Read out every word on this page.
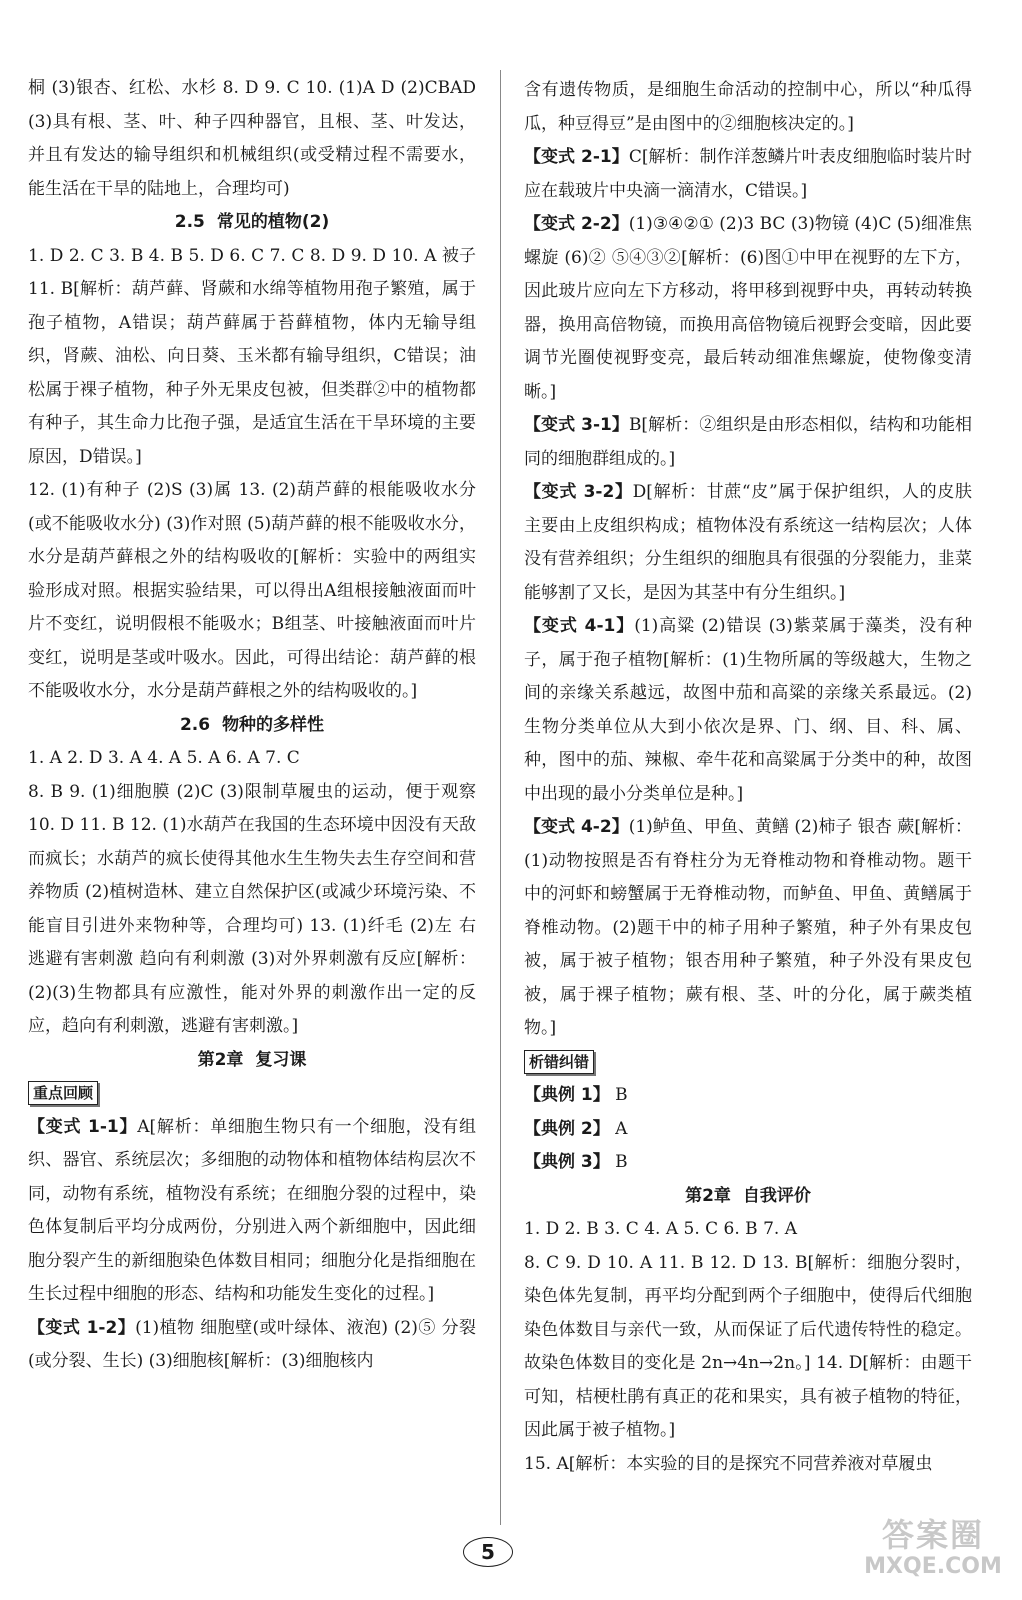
桐 (3)银杏、红松、水杉 8. D 9. C 10. (1)A D (2)CBAD (3)具有根、茎、叶、种子四种器官，且根、茎、叶发达，并且有发达的输导组织和机械组织(或受精过程不需要水，能生活在干旱的陆地上，合理均可)

2.5 常见的植物(2)

1. D 2. C 3. B 4. B 5. D 6. C 7. C 8. D 9. D 10. A 被子 11. B[解析：葫芦藓、肾蕨和水绵等植物用孢子繁殖，属于孢子植物，A错误；葫芦藓属于苔藓植物，体内无输导组织，肾蕨、油松、向日葵、玉米都有输导组织，C错误；油松属于裸子植物，种子外无果皮包被，但类群②中的植物都有种子，其生命力比孢子强，是适宜生活在干旱环境的主要原因，D错误。]

12. (1)有种子 (2)S (3)属 13. (2)葫芦藓的根能吸收水分(或不能吸收水分) (3)作对照 (5)葫芦藓的根不能吸收水分，水分是葫芦藓根之外的结构吸收的[解析：实验中的两组实验形成对照。根据实验结果，可以得出A组根接触液面而叶片不变红，说明假根不能吸水；B组茎、叶接触液面而叶片变红，说明是茎或叶吸水。因此，可得出结论：葫芦藓的根不能吸收水分，水分是葫芦藓根之外的结构吸收的。]

2.6 物种的多样性

1. A 2. D 3. A 4. A 5. A 6. A 7. C

8. B 9. (1)细胞膜 (2)C (3)限制草履虫的运动，便于观察 10. D 11. B 12. (1)水葫芦在我国的生态环境中因没有天敌而疯长；水葫芦的疯长使得其他水生生物失去生存空间和营养物质 (2)植树造林、建立自然保护区(或减少环境污染、不能盲目引进外来物种等，合理均可) 13. (1)纤毛 (2)左 右 逃避有害刺激 趋向有利刺激 (3)对外界刺激有反应[解析：(2)(3)生物都具有应激性，能对外界的刺激作出一定的反应，趋向有利刺激，逃避有害刺激。]

第2章 复习课

重点回顾

【变式 1-1】A[解析：单细胞生物只有一个细胞，没有组织、器官、系统层次；多细胞的动物体和植物体结构层次不同，动物有系统，植物没有系统；在细胞分裂的过程中，染色体复制后平均分成两份，分别进入两个新细胞中，因此细胞分裂产生的新细胞染色体数目相同；细胞分化是指细胞在生长过程中细胞的形态、结构和功能发生变化的过程。]

【变式 1-2】(1)植物 细胞壁(或叶绿体、液泡) (2)⑤ 分裂(或分裂、生长) (3)细胞核[解析：(3)细胞核内

含有遗传物质，是细胞生命活动的控制中心，所以“种瓜得瓜，种豆得豆”是由图中的②细胞核决定的。]

【变式 2-1】C[解析：制作洋葱鳞片叶表皮细胞临时装片时应在载玻片中央滴一滴清水，C错误。]

【变式 2-2】(1)③④②① (2)3 BC (3)物镜 (4)C (5)细准焦螺旋 (6)② ⑤④③②[解析：(6)图①中甲在视野的左下方，因此玻片应向左下方移动，将甲移到视野中央，再转动转换器，换用高倍物镜，而换用高倍物镜后视野会变暗，因此要调节光圈使视野变亮，最后转动细准焦螺旋，使物像变清晰。]

【变式 3-1】B[解析：②组织是由形态相似，结构和功能相同的细胞群组成的。]

【变式 3-2】D[解析：甘蔗“皮”属于保护组织，人的皮肤主要由上皮组织构成；植物体没有系统这一结构层次；人体没有营养组织；分生组织的细胞具有很强的分裂能力，韭菜能够割了又长，是因为其茎中有分生组织。]

【变式 4-1】(1)高粱 (2)错误 (3)紫菜属于藻类，没有种子，属于孢子植物[解析：(1)生物所属的等级越大，生物之间的亲缘关系越远，故图中茄和高粱的亲缘关系最远。(2)生物分类单位从大到小依次是界、门、纲、目、科、属、种，图中的茄、辣椒、牵牛花和高粱属于分类中的种，故图中出现的最小分类单位是种。]

【变式 4-2】(1)鲈鱼、甲鱼、黄鳝 (2)柿子 银杏 蕨[解析：(1)动物按照是否有脊柱分为无脊椎动物和脊椎动物。题干中的河虾和螃蟹属于无脊椎动物，而鲈鱼、甲鱼、黄鳝属于脊椎动物。(2)题干中的柿子用种子繁殖，种子外有果皮包被，属于被子植物；银杏用种子繁殖，种子外没有果皮包被，属于裸子植物；蕨有根、茎、叶的分化，属于蕨类植物。]

析错纠错

【典例 1】 B

【典例 2】 A

【典例 3】 B

第2章 自我评价

1. D 2. B 3. C 4. A 5. C 6. B 7. A

8. C 9. D 10. A 11. B 12. D 13. B[解析：细胞分裂时，染色体先复制，再平均分配到两个子细胞中，使得后代细胞染色体数目与亲代一致，从而保证了后代遗传特性的稳定。故染色体数目的变化是 2n→4n→2n。] 14. D[解析：由题干可知，桔梗杜鹃有真正的花和果实，具有被子植物的特征，因此属于被子植物。]

15. A[解析：本实验的目的是探究不同营养液对草履虫

5	答案圈
MXQE.COM
